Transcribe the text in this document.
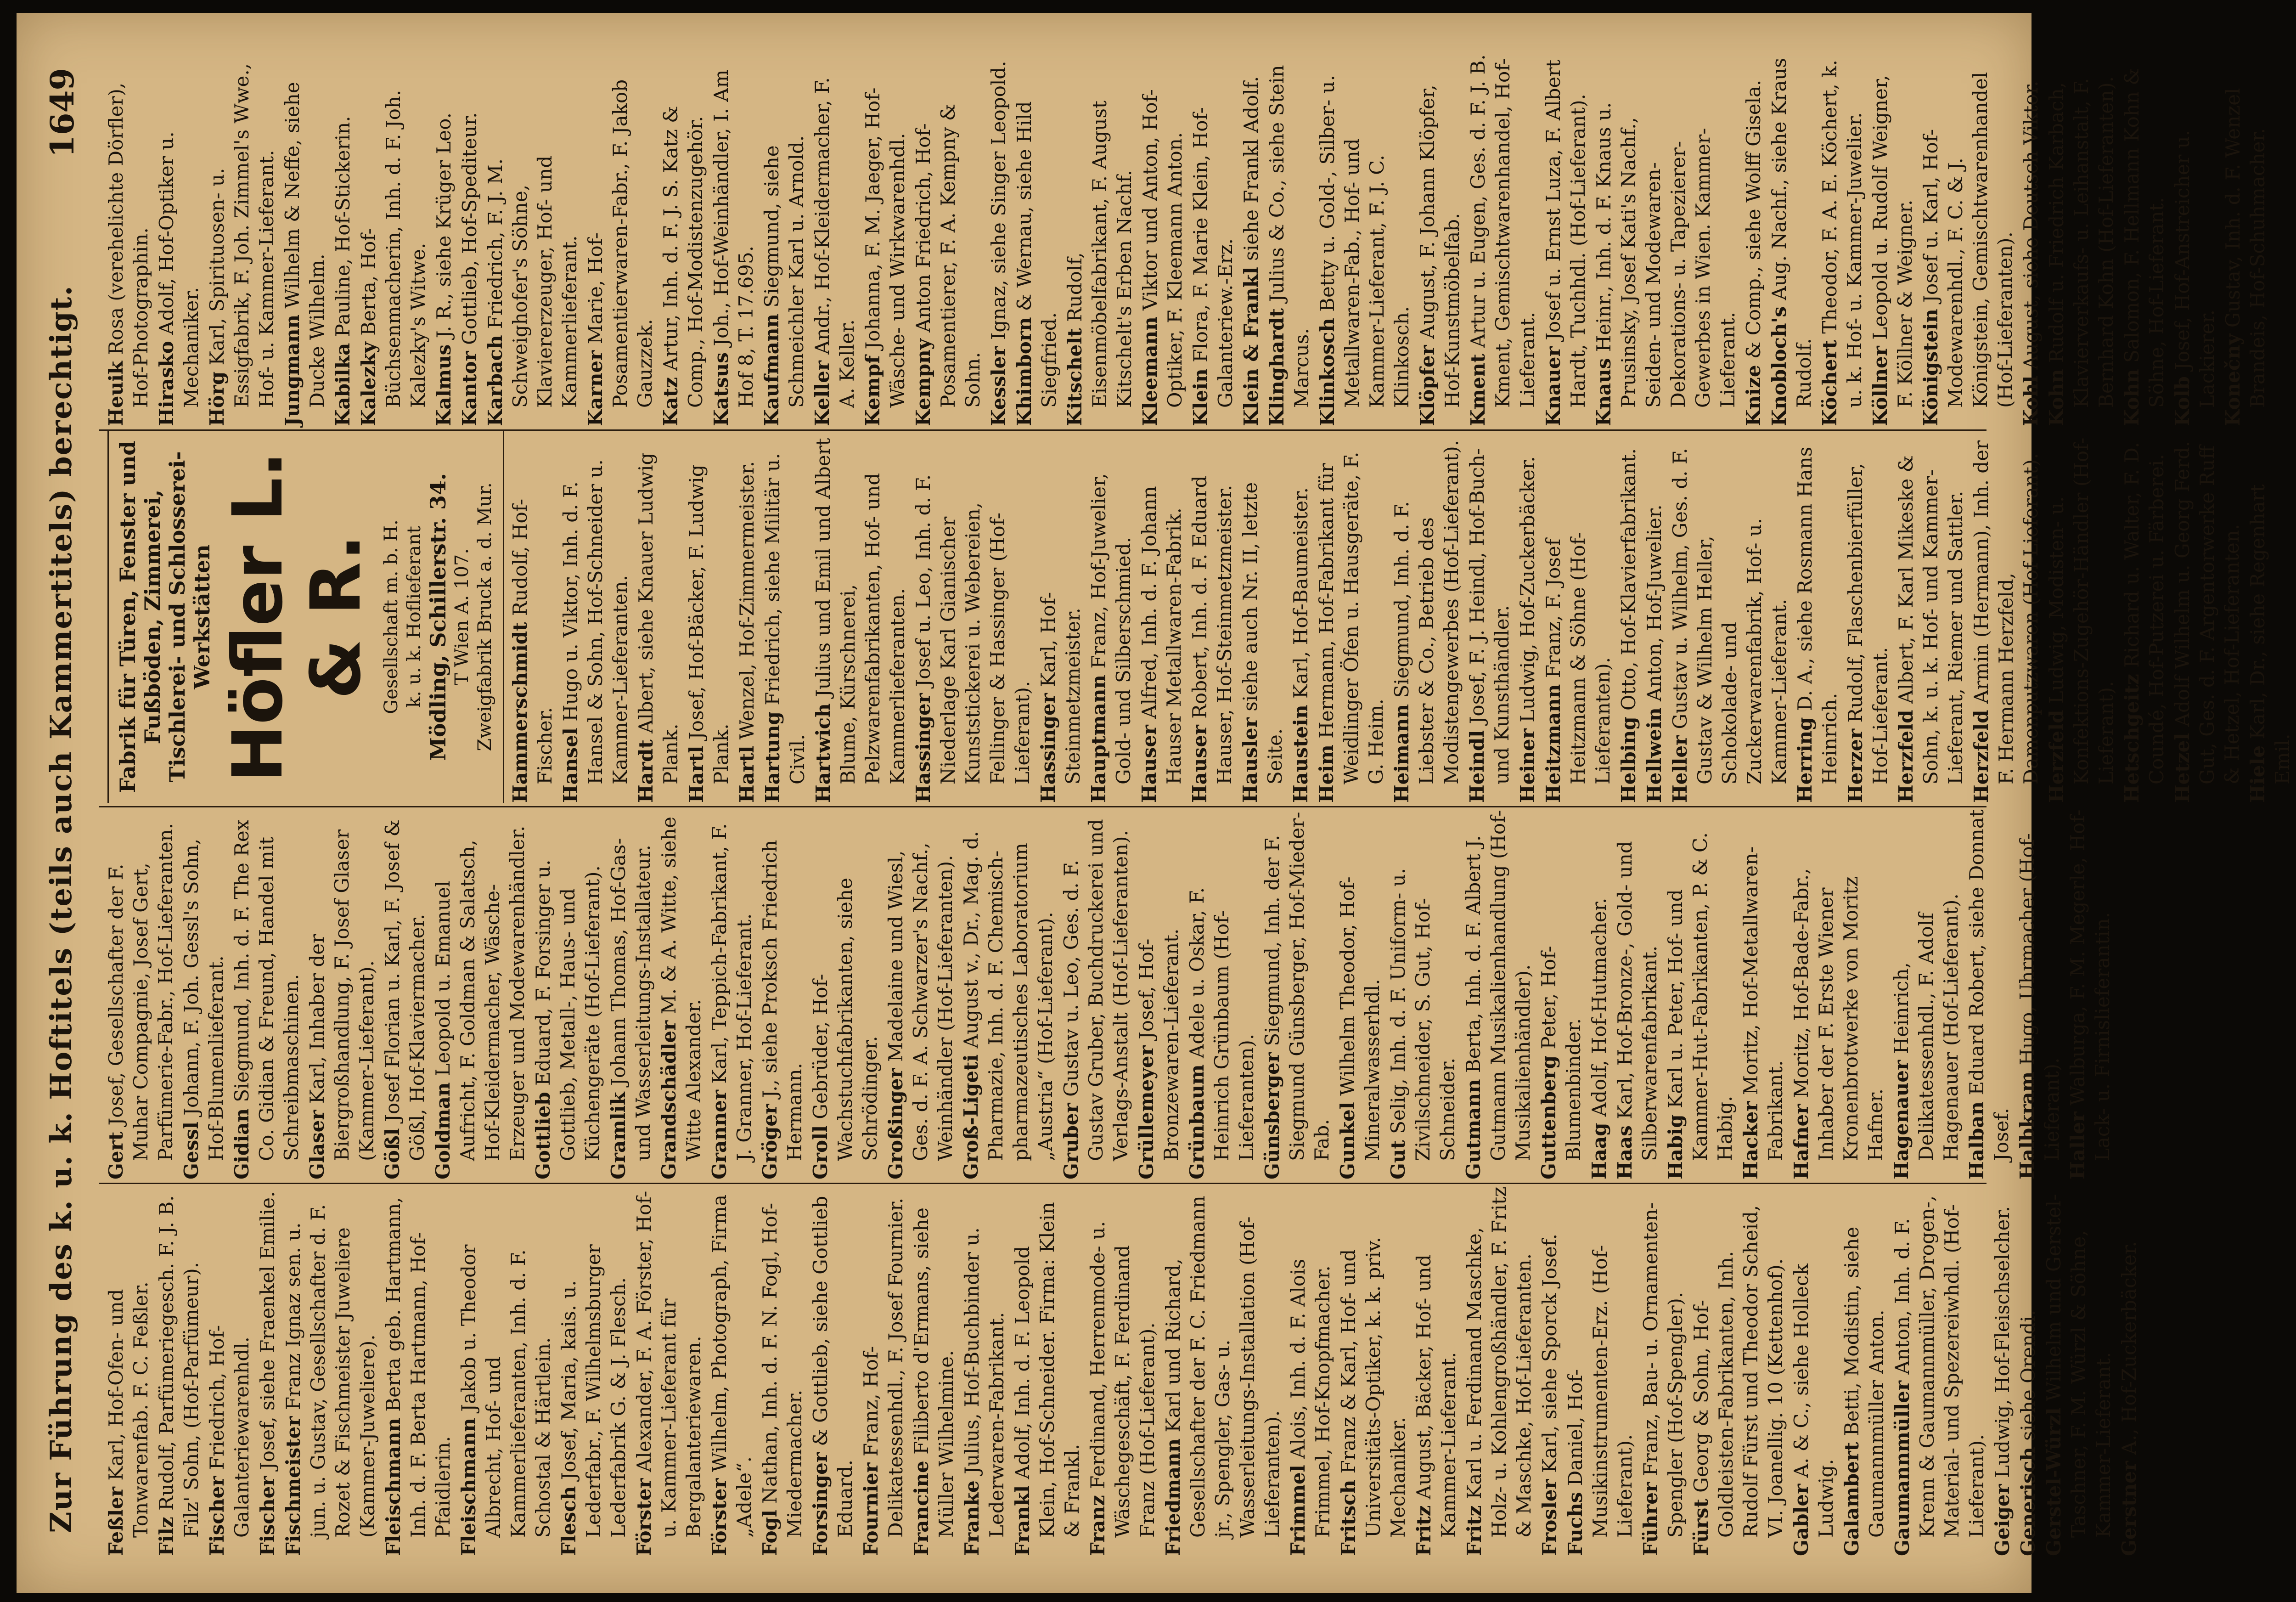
Zur Führung des k. u. k. Hoftitels (teils auch Kammertitels) berechtigt.
1649
Feßler Karl, Hof-Ofen- und Tonwarenfab. F. C. Feßler. Filz Rudolf, Parfümeriegesch. F. J. B. Filz' Sohn, (Hof-Parfümeur). Fischer Friedrich, Hof-Galanteriewarenhdl. Fischer Josef, siehe Fraenkel Emilie.
Fischmeister Franz Ignaz sen. u. jun. u. Gustav, Gesellschafter d. F. Rozet & Fischmeister Juweliere (Kammer-Juweliere). Fleischmann Berta geb. Hartmann, Inh. d. F. Berta Hartmann, Hof-Pfaidlerin. Fleischmann Jakob u. Theodor Albrecht, Hof- und Kammerlieferanten, Inh. d. F. Schostal & Härtlein. Flesch Josef, Maria, kais. u. Lederfabr., F. Wilhelmsburger Lederfabrik G. & J. Flesch. Förster Alexander, F. A. Förster, Hof-u. Kammer-Lieferant für Bergalanteriewaren. Förster Wilhelm, Photograph, Firma „Adele“. Fogl Nathan, Inh. d. F. N. Fogl, Hof-Miedermacher. Forsinger & Gottlieb, siehe Gottlieb Eduard. Fournier Franz, Hof-Delikatessenhdl., F. Josef Fournier. Francine Filiberto d'Ermans, siehe Müller Wilhelmine. Franke Julius, Hof-Buchbinder u. Lederwaren-Fabrikant. Frankl Adolf, Inh. d. F. Leopold Klein, Hof-Schneider. Firma: Klein & Frankl. Franz Ferdinand, Herrenmode- u. Wäschegeschäft, F. Ferdinand Franz (Hof-Lieferant). Friedmann Karl und Richard, Gesellschafter der F. C. Friedmann jr., Spengler, Gas- u. Wasserleitungs-Installation (Hof-Lieferanten). Frimmel Alois, Inh. d. F. Alois Frimmel, Hof-Knopfmacher. Fritsch Franz & Karl, Hof- und Universitäts-Optiker, k. k. priv. Mechaniker. Fritz August, Bäcker, Hof- und Kammer-Lieferant. Fritz Karl u. Ferdinand Maschke, Holz- u. Kohlengroßhändler, F. Fritz & Maschke, Hof-Lieferanten. Frosler Karl, siehe Sporck Josef.
Fuchs Daniel, Hof-Musikinstrumenten-Erz. (Hof-Lieferant). Führer Franz, Bau- u. Ornamenten-Spengler (Hof-Spengler). Fürst Georg & Sohn, Hof-Goldleisten-Fabrikanten, Inh. Rudolf Fürst und Theodor Scheid, VI. Joanellig. 10 (Kettenhof). Gabler A. & C., siehe Holleck Ludwig. Galambert Betti, Modistin, siehe Gaumannmüller Anton. Gaumannmüller Anton, Inh. d. F. Krenn & Gaumannmüller, Drogen-, Material- und Spezereiwhdl. (Hof-Lieferant). Geiger Ludwig, Hof-Fleischselcher.
Generisch siehe Orendi.
Gerstel-Würzl Wilhelm und Gerstel-Taschner, F. M. Würzl & Söhne, Kammer-Lieferant. Gerstner A., Hof-Zuckerbäcker.
Gert Josef, Gesellschafter der F. Muhar Compagnie, Josef Gert, Parfümerie-Fabr., Hof-Lieferanten. Gessl Johann, F. Joh. Gessl's Sohn, Hof-Blumenlieferant. Gidian Siegmund, Inh. d. F. The Rex Co. Gidian & Freund, Handel mit Schreibmaschinen. Glaser Karl, Inhaber der Biergroßhandlung, F. Josef Glaser (Kammer-Lieferant). Gößl Josef Florian u. Karl, F. Josef & Gößl, Hof-Klaviermacher. Goldman Leopold u. Emanuel Aufricht, F. Goldman & Salatsch, Hof-Kleidermacher, Wäsche-Erzeuger und Modewarenhändler. Gottlieb Eduard, F. Forsinger u. Gottlieb, Metall-, Haus- und Küchengeräte (Hof-Lieferant). Gramlik Johann Thomas, Hof-Gas- und Wasserleitungs-Installateur. Grandschädler M. & A. Witte, siehe Witte Alexander. Granner Karl, Teppich-Fabrikant, F. J. Granner, Hof-Lieferant. Gröger J., siehe Proksch Friedrich Hermann. Groll Gebrüder, Hof-Wachstuchfabrikanten, siehe Schrödinger. Großinger Madelaine und Wiesl, Ges. d. F. A. Schwarzer's Nachf., Weinhändler (Hof-Lieferanten). Groß-Ligeti August v., Dr., Mag. d. Pharmazie, Inh. d. F. Chemisch-pharmazeutisches Laboratorium „Austria“ (Hof-Lieferant). Gruber Gustav u. Leo, Ges. d. F. Gustav Gruber, Buchdruckerei und Verlags-Anstalt (Hof-Lieferanten). Grüllemeyer Josef, Hof-Bronzewaren-Lieferant. Grünbaum Adele u. Oskar, F. Heinrich Grünbaum (Hof-Lieferanten). Günsberger Siegmund, Inh. der F. Siegmund Günsberger, Hof-Mieder-Fab. Gunkel Wilhelm Theodor, Hof-Mineralwasserhdl. Gut Selig, Inh. d. F. Uniform- u. Zivilschneider, S. Gut, Hof-Schneider. Gutmann Berta, Inh. d. F. Albert J. Gutmann Musikalienhandlung (Hof-Musikalienhändler). Guttenberg Peter, Hof-Blumenbinder. Haag Adolf, Hof-Hutmacher.
Haas Karl, Hof-Bronze-, Gold- und Silberwarenfabrikant. Habig Karl u. Peter, Hof- und Kammer-Hut-Fabrikanten, P. & C. Habig. Hacker Moritz, Hof-Metallwaren-Fabrikant. Hafner Moritz, Hof-Bade-Fabr., Inhaber der F. Erste Wiener Kronenbrotwerke von Moritz Hafner. Hagenauer Heinrich, Delikatessenhdl., F. Adolf Hagenauer (Hof-Lieferant). Halban Eduard Robert, siehe Donnat Josef. Halbkram Hugo, Uhrmacher (Hof-Lieferant). Haller Walburga, F. M. Megerle, Hof-Lack- u. Firnislieferantin.
Fabrik für Türen, Fenster und Fußböden, Zimmerei, Tischlerei- und Schlosserei-Werkstätten Höfler L. & R. Gesellschaft m. b. H. k. u. k. Hoflieferant Mödling, Schillerstr. 34. T Wien A. 107. Zweigfabrik Bruck a. d. Mur. Hammerschmidt Rudolf, Hof-Fischer. Hansel Hugo u. Viktor, Inh. d. F. Hansel & Sohn, Hof-Schneider u. Kammer-Lieferanten. Hardt Albert, siehe Knauer Ludwig Plank. Hartl Josef, Hof-Bäcker, F. Ludwig Plank. Hartl Wenzel, Hof-Zimmermeister.
Hartung Friedrich, siehe Militär u. Civil. Hartwich Julius und Emil und Albert Blume, Kürschnerei, Pelzwarenfabrikanten, Hof- und Kammerlieferanten. Hassinger Josef u. Leo, Inh. d. F. Niederlage Karl Gianischer Kunststickerei u. Webereien, Fellinger & Hassinger (Hof-Lieferant). Hassinger Karl, Hof-Steinmetzmeister. Hauptmann Franz, Hof-Juwelier, Gold- und Silberschmied. Hauser Alfred, Inh. d. F. Johann Hauser Metallwaren-Fabrik. Hauser Robert, Inh. d. F. Eduard Hauser, Hof-Steinmetzmeister. Hausler siehe auch Nr. II, letzte Seite. Haustein Karl, Hof-Baumeister.
Heim Hermann, Hof-Fabrikant für Weidlinger Öfen u. Hausgeräte, F. G. Heim. Heimann Siegmund, Inh. d. F. Liebster & Co., Betrieb des Modistengewerbes (Hof-Lieferant). Heindl Josef, F. J. Heindl, Hof-Buch- und Kunsthändler. Heiner Ludwig, Hof-Zuckerbäcker.
Heitzmann Franz, F. Josef Heitzmann & Söhne (Hof-Lieferanten). Helbing Otto, Hof-Klavierfabrikant.
Hellwein Anton, Hof-Juwelier.
Heller Gustav u. Wilhelm, Ges. d. F. Gustav & Wilhelm Heller, Schokolade- und Zuckerwarenfabrik, Hof- u. Kammer-Lieferant. Herring D. A., siehe Rosmann Hans Heinrich. Herzer Rudolf, Flaschenbierfüller, Hof-Lieferant. Herzfeld Albert, F. Karl Mikeske & Sohn, k. u. k. Hof- und Kammer-Lieferant, Riemer und Sattler. Herzfeld Armin (Hermann), Inh. der F. Hermann Herzfeld, Damenputzwaren (Hof-Lieferant). Herzfeld Ludwig, Modisten- u. Konfektions-Zugehör-Händler (Hof-Lieferant). Hetschgeitz Richard u. Walter, F. D. Coundé, Hof-Putzerei u. Färberei. Hetzel Adolf Wilhelm u. Georg Ferd. Gut, Ges. d. F. Argentorwerke Ruff & Hetzel, Hof-Lieferanten. Hiele Karl, Dr., siehe Regenhart Emil.
Heuik Rosa (verehelichte Dörfler), Hof-Photographin. Hirasko Adolf, Hof-Optiker u. Mechaniker. Hörg Karl, Spirituosen- u. Essigfabrik, F. Joh. Zimmel's Wwe., Hof- u. Kammer-Lieferant. Jungmann Wilhelm & Neffe, siehe Ducke Wilhelm. Kabilka Pauline, Hof-Stickerin.
Kalezky Berta, Hof-Büchsenmacherin, Inh. d. F. Joh. Kalezky's Witwe. Kalmus J. R., siehe Krüger Leo.
Kantor Gottlieb, Hof-Spediteur.
Karbach Friedrich, F. J. M. Schweighofer's Söhne, Klaviererzeuger, Hof- und Kammerlieferant. Karner Marie, Hof-Posamentierwaren-Fabr., F. Jakob Gauzzek. Katz Artur, Inh. d. F. J. S. Katz & Comp., Hof-Modistenzugehör. Katsus Joh., Hof-Weinhändler, I. Am Hof 8, T. 17.695. Kaufmann Siegmund, siehe Schmeichler Karl u. Arnold. Keller Andr., Hof-Kleidermacher, F. A. Keller. Kempf Johanna, F. M. Jaeger, Hof-Wäsche- und Wirkwarenhdl. Kempny Anton Friedrich, Hof-Posamentierer, F. A. Kempny & Sohn. Kessler Ignaz, siehe Singer Leopold.
Khimborn & Wernau, siehe Hild Siegfried. Kitschelt Rudolf, Eisenmöbelfabrikant, F. August Kitschelt's Erben Nachf. Kleemann Viktor und Anton, Hof-Optiker, F. Kleemann Anton. Klein Flora, F. Marie Klein, Hof-Galanteriew.-Erz. Klein & Frankl siehe Frankl Adolf.
Klinghardt Julius & Co., siehe Stein Marcus. Klinkosch Betty u. Gold-, Silber- u. Metallwaren-Fab., Hof- und Kammer-Lieferant, F. J. C. Klinkosch. Klöpfer August, F. Johann Klöpfer, Hof-Kunstmöbelfab. Kment Artur u. Eugen, Ges. d. F. J. B. Kment, Gemischtwarenhandel, Hof-Lieferant. Knauer Josef u. Ernst Luza, F. Albert Hardt, Tuchhdl. (Hof-Lieferant). Knaus Heinr., Inh. d. F. Knaus u. Prusinsky, Josef Kati's Nachf., Seiden- und Modewaren- Dekorations- u. Tapezierer-Gewerbes in Wien. Kammer-Lieferant. Knize & Comp., siehe Wolff Gisela.
Knobloch's Aug. Nachf., siehe Kraus Rudolf. Köchert Theodor, F. A. E. Köchert, k. u. k. Hof- u. Kammer-Juwelier. Köllner Leopold u. Rudolf Weigner, F. Köllner & Weigner. Königstein Josef u. Karl, Hof-Modewarenhdl., F. C. & J. Königstein, Gemischtwarenhandel (Hof-Lieferanten). Kohl August, siehe Deutsch Viktor.
Kohn Rudolf u. Friedrich Karbach, Klavierverkaufs- u. Leihanstalt, F. Bernhard Kohn (Hof-Lieferanten). Kohn Salomon, F. Hellmann Kohn & Söhne, Hof-Lieferant. Kolb Josef, Hof-Anstreicher u. Lackierer. Konečny Gustav, Inh. d. F. Wenzel Brandeis, Hof-Schuhmacher.
